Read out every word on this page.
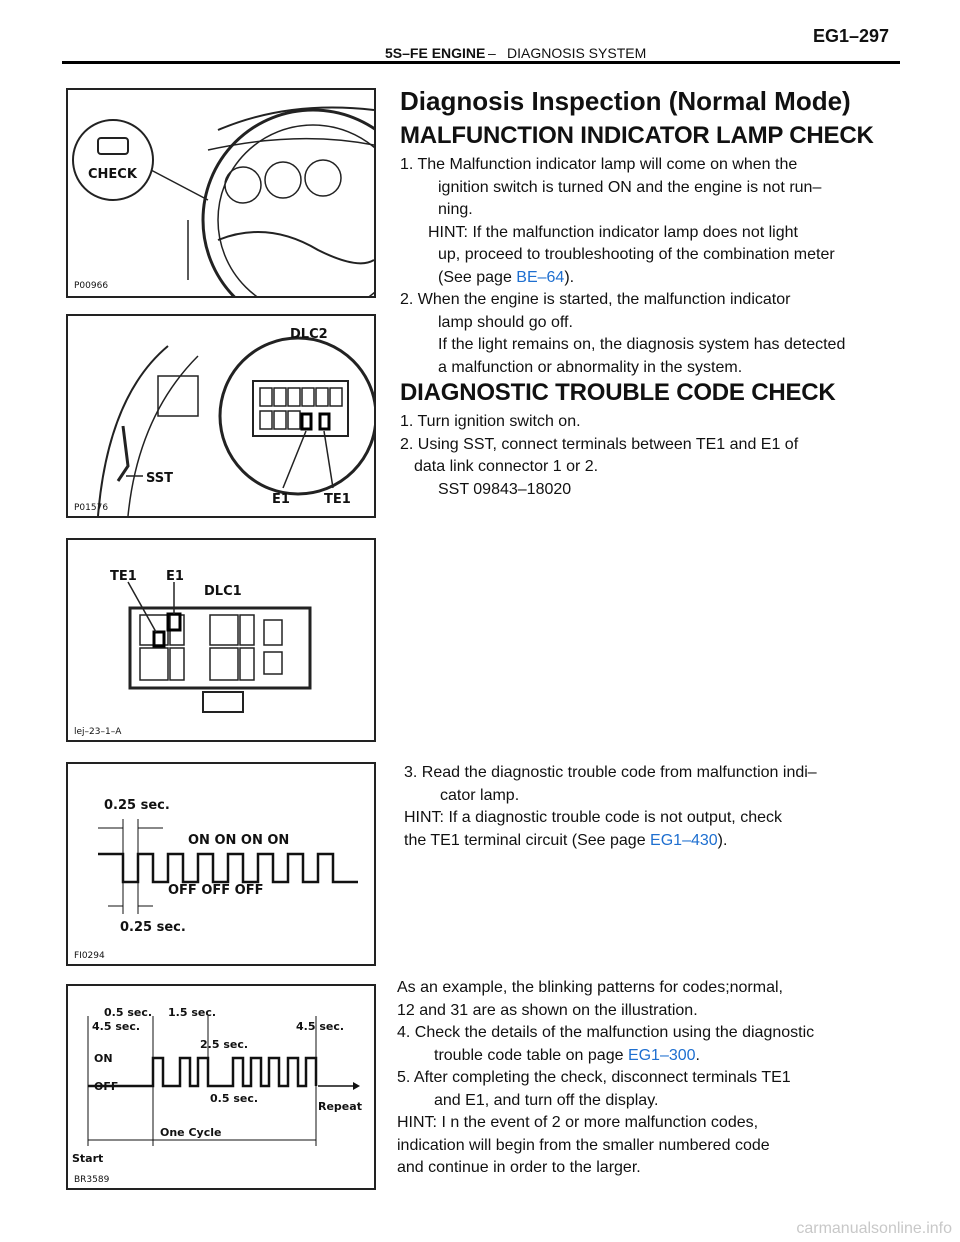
5S–FE ENGINE – DIAGNOSIS SYSTEM
EG1–297
CHECK
P00966
DLC2
SST
E1	TE1
P01576
TE1 E1
DLC1
lej–23–1–A
0.25 sec.
ON ON ON ON
OFF OFF OFF
0.25 sec.
FI0294
0.5 sec. 1.5 sec.
4.5 sec.
2.5 sec.
4.5 sec.
0.5 sec.
ON
OFF
One Cycle
Repeat
Start
BR3589
Diagnosis Inspection (Normal Mode)
MALFUNCTION INDICATOR LAMP CHECK
1. The Malfunction indicator lamp will come on when the
ignition switch is turned ON and the engine is not run–
ning.
HINT: If the malfunction indicator lamp does not light
up, proceed to troubleshooting of the combination meter
(See page BE–64).
2. When the engine is started, the malfunction indicator
lamp should go off.
If the light remains on, the diagnosis system has detected
a malfunction or abnormality in the system.
DIAGNOSTIC TROUBLE CODE CHECK
1. Turn ignition switch on.
2. Using SST, connect terminals between TE1 and E1 of
data link connector 1 or 2.
SST 09843–18020
3. Read the diagnostic trouble code from malfunction indi–
cator lamp.
HINT: If a diagnostic trouble code is not output, check
the TE1 terminal circuit (See page EG1–430).
As an example, the blinking patterns for codes;normal,
12 and 31 are as shown on the illustration.
4. Check the details of the malfunction using the diagnostic
trouble code table on page EG1–300.
5. After completing the check, disconnect terminals TE1
and E1, and turn off the display.
HINT: I n the event of 2 or more malfunction codes,
indication will begin from the smaller numbered code
and continue in order to the larger.
carmanualsonline.info
